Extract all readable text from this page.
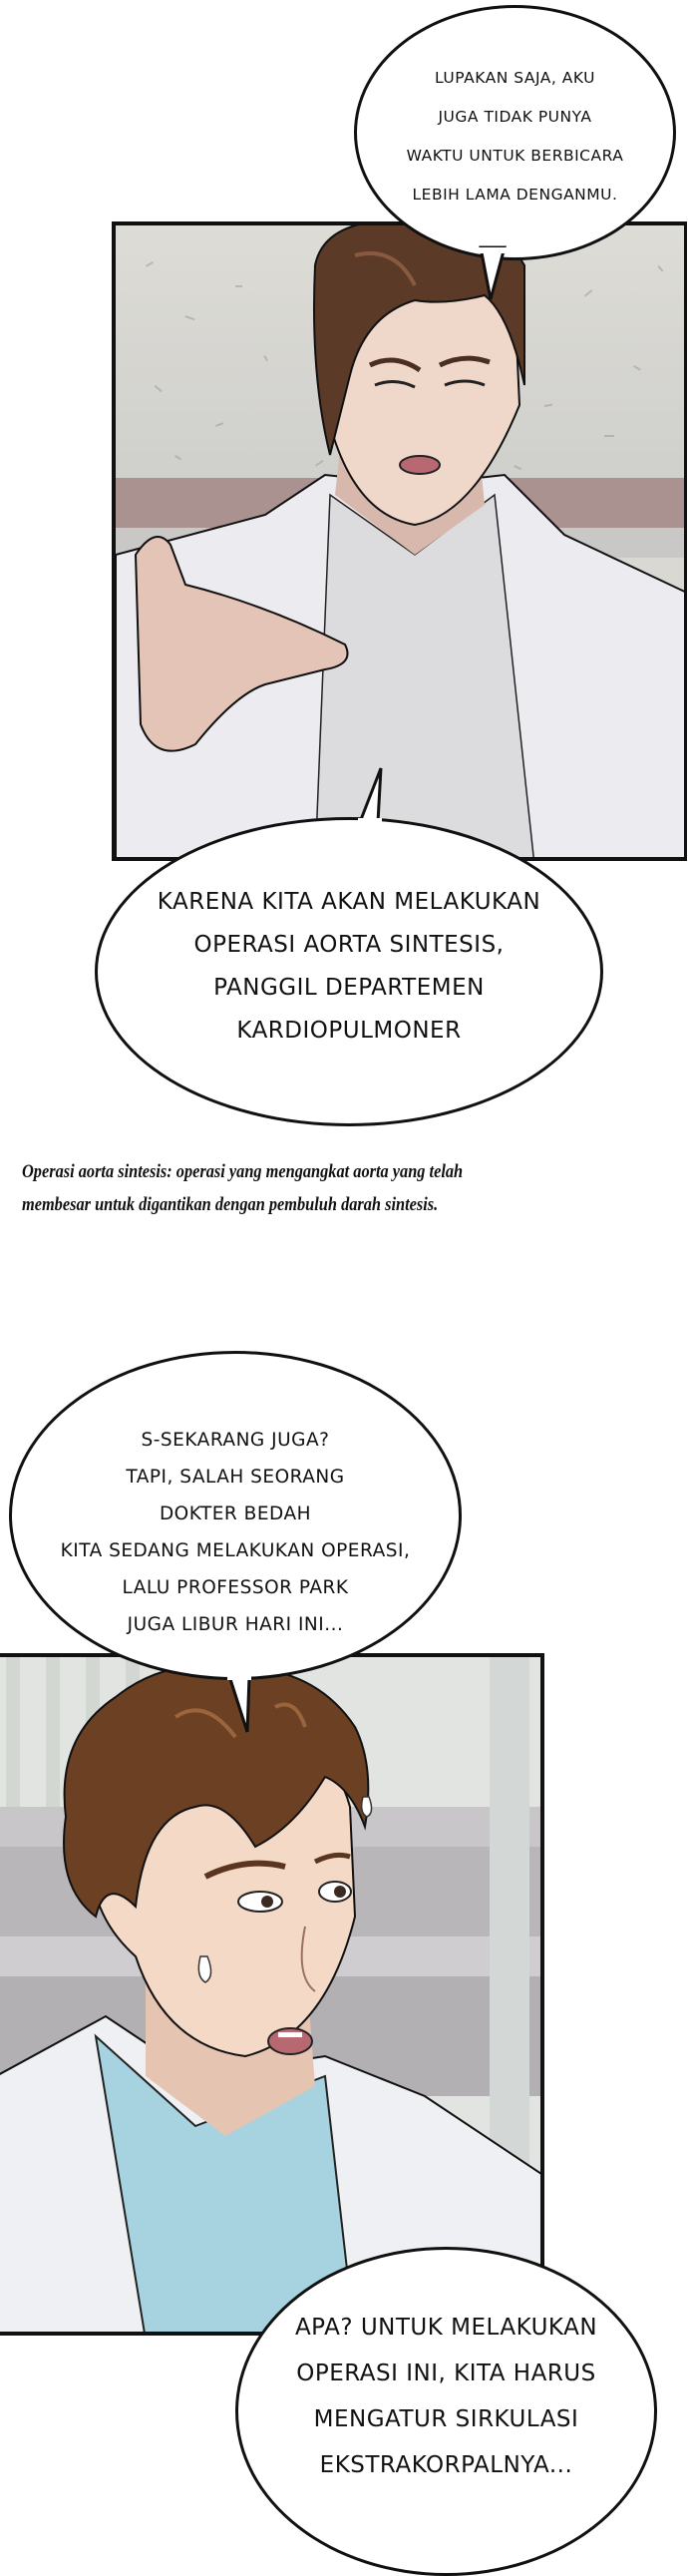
LUPAKAN SAJA, AKU
JUGA TIDAK PUNYA
WAKTU UNTUK BERBICARA
LEBIH LAMA DENGANMU.
KARENA KITA AKAN MELAKUKAN
OPERASI AORTA SINTESIS,
PANGGIL DEPARTEMEN
KARDIOPULMONER
Operasi aorta sintesis: operasi yang mengangkat aorta yang telah
membesar untuk digantikan dengan pembuluh darah sintesis.
S-SEKARANG JUGA?
TAPI, SALAH SEORANG
DOKTER BEDAH
KITA SEDANG MELAKUKAN OPERASI,
LALU PROFESSOR PARK
JUGA LIBUR HARI INI...
APA? UNTUK MELAKUKAN
OPERASI INI, KITA HARUS
MENGATUR SIRKULASI
EKSTRAKORPALNYA...
